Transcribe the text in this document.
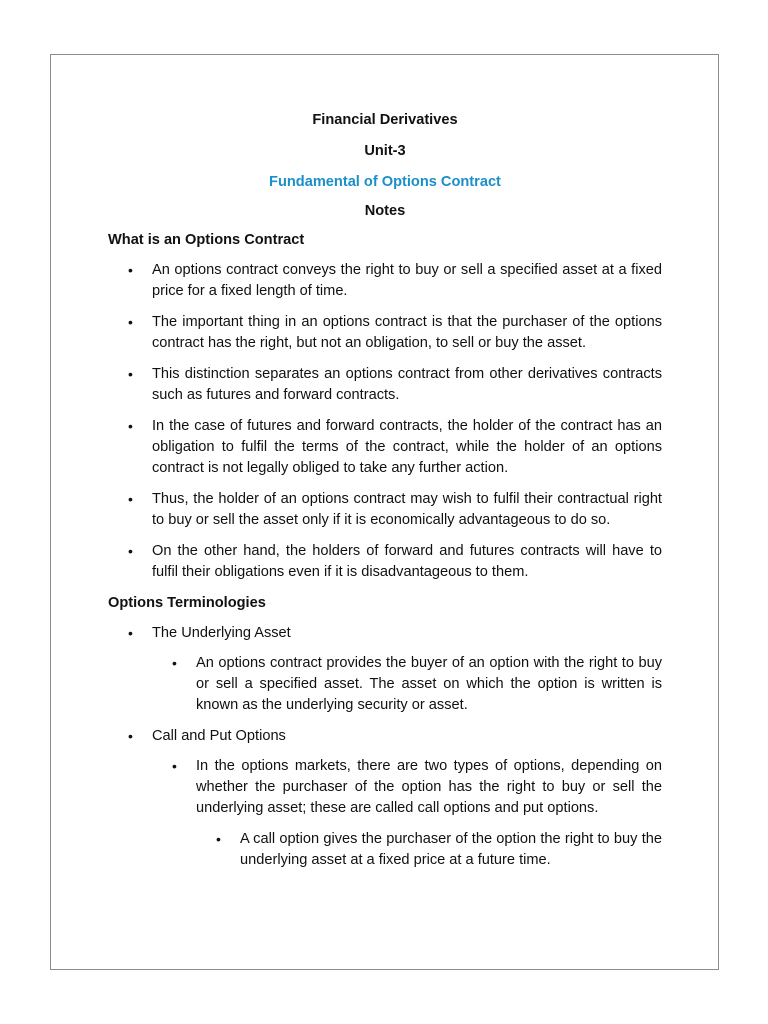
Financial Derivatives

Unit-3

Fundamental of Options Contract

Notes

What is an Options Contract

• An options contract conveys the right to buy or sell a specified asset at a fixed price for a fixed length of time.
• The important thing in an options contract is that the purchaser of the options contract has the right, but not an obligation, to sell or buy the asset.
• This distinction separates an options contract from other derivatives contracts such as futures and forward contracts.
• In the case of futures and forward contracts, the holder of the contract has an obligation to fulfil the terms of the contract, while the holder of an options contract is not legally obliged to take any further action.
• Thus, the holder of an options contract may wish to fulfil their contractual right to buy or sell the asset only if it is economically advantageous to do so.
• On the other hand, the holders of forward and futures contracts will have to fulfil their obligations even if it is disadvantageous to them.

Options Terminologies

• The Underlying Asset
• An options contract provides the buyer of an option with the right to buy or sell a specified asset. The asset on which the option is written is known as the underlying security or asset.
• Call and Put Options
• In the options markets, there are two types of options, depending on whether the purchaser of the option has the right to buy or sell the underlying asset; these are called call options and put options.
• A call option gives the purchaser of the option the right to buy the underlying asset at a fixed price at a future time.
